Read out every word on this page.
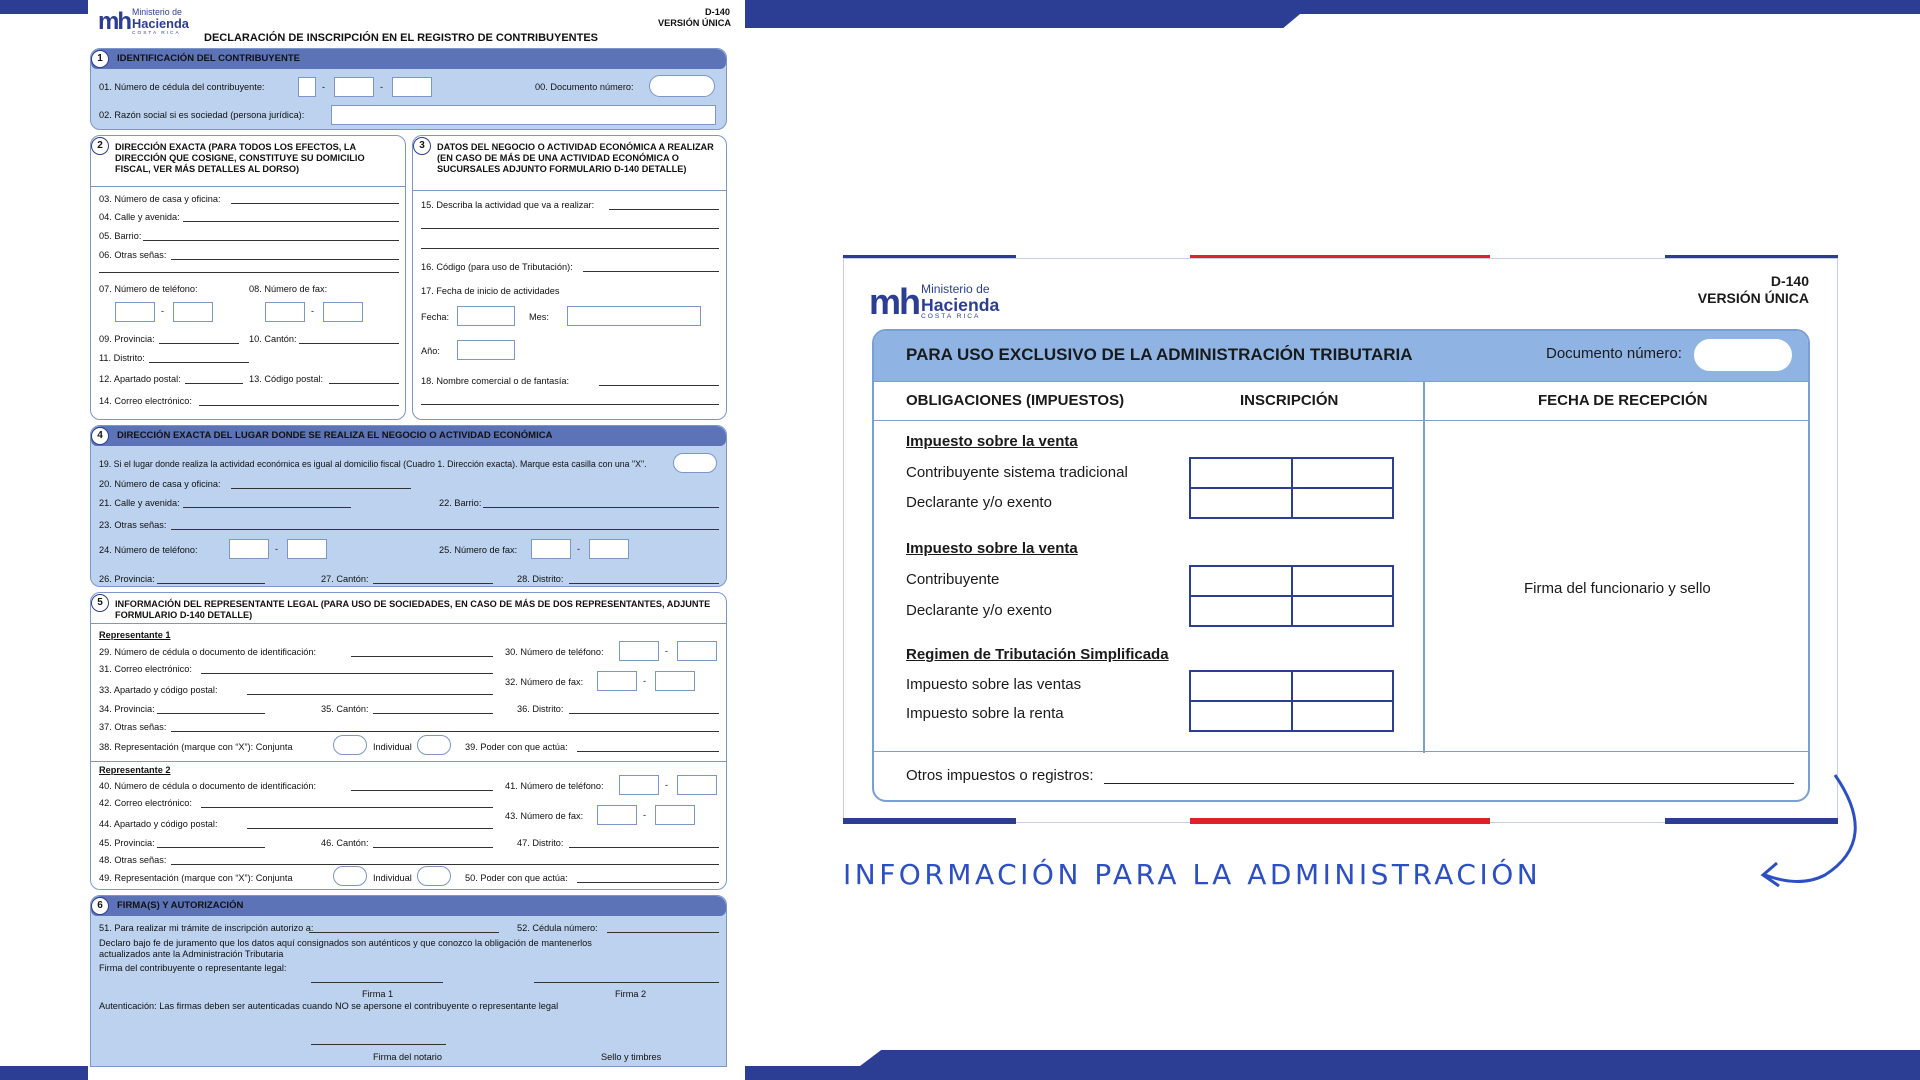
mh Ministerio de
Hacienda
COSTA RICA
D-140
VERSIÓN ÚNICA
DECLARACIÓN DE INSCRIPCIÓN EN EL REGISTRO DE CONTRIBUYENTES
IDENTIFICACIÓN DEL CONTRIBUYENTE
1
01. Número de cédula del contribuyente:	-	-	00. Documento número:
02. Razón social si es sociedad (persona jurídica):
2	DIRECCIÓN EXACTA (PARA TODOS LOS EFECTOS, LA DIRECCIÓN QUE COSIGNE, CONSTITUYE SU DOMICILIO FISCAL, VER MÁS DETALLES AL DORSO)
03. Número de casa y oficina:
04. Calle y avenida:
05. Barrio:
06. Otras señas:
07. Número de teléfono:	08. Número de fax:
-	-
09. Provincia:	10. Cantón:
11. Distrito:
12. Apartado postal:	13. Código postal:
14. Correo electrónico:
3	DATOS DEL NEGOCIO O ACTIVIDAD ECONÓMICA A REALIZAR (EN CASO DE MÁS DE UNA ACTIVIDAD ECONÓMICA O SUCURSALES ADJUNTO FORMULARIO D-140 DETALLE)
15. Describa la actividad que va a realizar:
16. Código (para uso de Tributación):
17. Fecha de inicio de actividades
Fecha:	Mes:
Año:
18. Nombre comercial o de fantasía:
DIRECCIÓN EXACTA DEL LUGAR DONDE SE REALIZA EL NEGOCIO O ACTIVIDAD ECONÓMICA
4
19. Si el lugar donde realiza la actividad económica es igual al domicilio fiscal (Cuadro 1. Dirección exacta). Marque esta casilla con una "X".
20. Número de casa y oficina:
21. Calle y avenida:	22. Barrio:
23. Otras señas:
24. Número de teléfono:	-	25. Número de fax:	-
26. Provincia:	27. Cantón:	28. Distrito:
5	INFORMACIÓN DEL REPRESENTANTE LEGAL (PARA USO DE SOCIEDADES, EN CASO DE MÁS DE DOS REPRESENTANTES, ADJUNTE FORMULARIO D-140 DETALLE)
Representante 1
29. Número de cédula o documento de identificación:	30. Número de teléfono:	-
31. Correo electrónico:
32. Número de fax:	-
33. Apartado y código postal:
34. Provincia:	35. Cantón:	36. Distrito:
37. Otras señas:
38. Representación (marque con “X”): Conjunta	Individual	39. Poder con que actúa:
Representante 2
40. Número de cédula o documento de identificación:	41. Número de teléfono:	-
42. Correo electrónico:
43. Número de fax:	-
44. Apartado y código postal:
45. Provincia:	46. Cantón:	47. Distrito:
48. Otras señas:
49. Representación (marque con “X”): Conjunta	Individual	50. Poder con que actúa:
FIRMA(S) Y AUTORIZACIÓN
6
51. Para realizar mi trámite de inscripción autorizo a:	52. Cédula número:
Declaro bajo fe de juramento que los datos aquí consignados son auténticos y que conozco la obligación de mantenerlos actualizados ante la Administración Tributaria
Firma del contribuyente o representante legal:
Firma 1	Firma 2
Autenticación: Las firmas deben ser autenticadas cuando NO se apersone el contribuyente o representante legal
Firma del notario	Sello y timbres
mh Ministerio de
Hacienda
COSTA RICA
D-140
VERSIÓN ÚNICA
PARA USO EXCLUSIVO DE LA ADMINISTRACIÓN TRIBUTARIA	Documento número:
OBLIGACIONES (IMPUESTOS)	INSCRIPCIÓN	FECHA DE RECEPCIÓN
Impuesto sobre la venta
Contribuyente sistema tradicional
Declarante y/o exento
Impuesto sobre la venta
Contribuyente
Declarante y/o exento
Regimen de Tributación Simplificada
Impuesto sobre las ventas
Impuesto sobre la renta
Firma del funcionario y sello
Otros impuestos o registros:
INFORMACIÓN PARA LA ADMINISTRACIÓN
